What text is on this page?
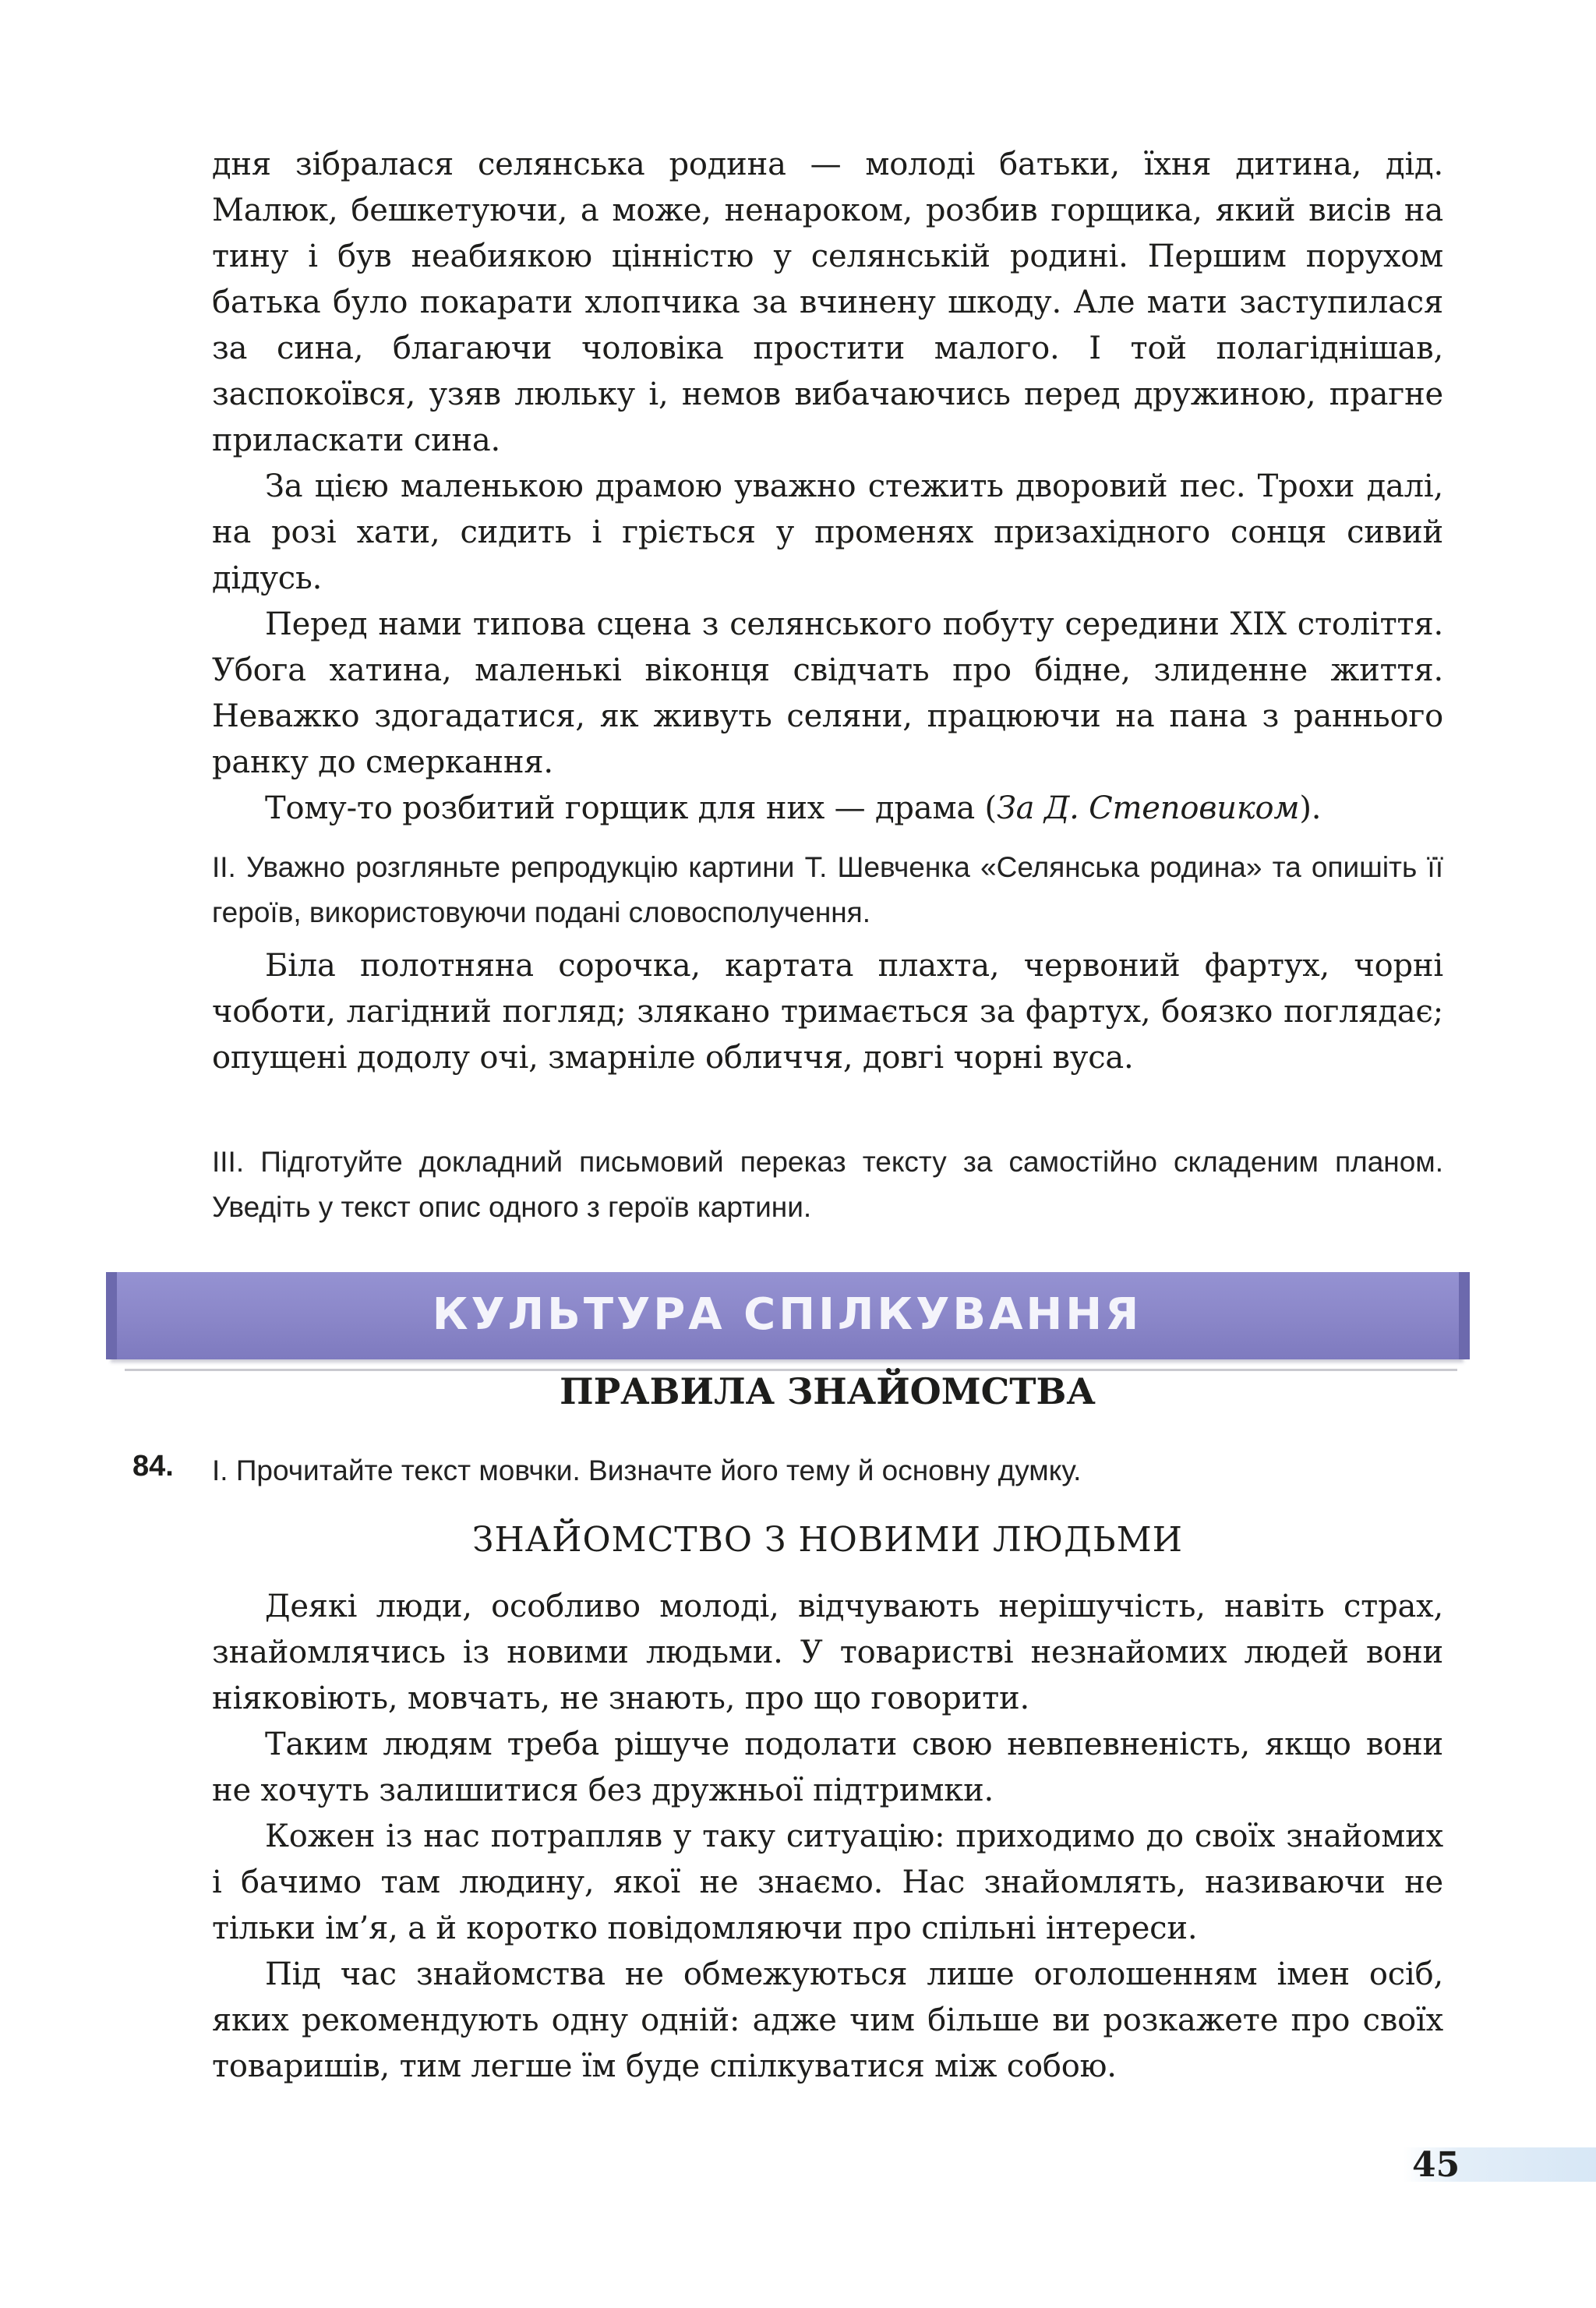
дня зібралася селянська родина — молоді батьки, їхня дитина, дід. Малюк, бешкетуючи, а може, ненароком, розбив горщика, який висів на тину і був неабиякою цінністю у селянській родині. Першим порухом батька було покарати хлопчика за вчинену шкоду. Але мати заступилася за сина, благаючи чоловіка простити малого. І той полагіднішав, заспокоївся, узяв люльку і, немов вибачаючись перед дружиною, прагне приласкати сина.

За цією маленькою драмою уважно стежить дворовий пес. Трохи далі, на розі хати, сидить і гріється у променях призахідного сонця сивий дідусь.

Перед нами типова сцена з селянського побуту середини XIX століття. Убога хатина, маленькі віконця свідчать про бідне, злиденне життя. Неважко здогадатися, як живуть селяни, працюючи на пана з раннього ранку до смеркання.

Тому-то розбитий горщик для них — драма (За Д. Степовиком).

II. Уважно розгляньте репродукцію картини Т. Шевченка «Селянська родина» та опишіть її героїв, використовуючи подані словосполучення.

Біла полотняна сорочка, картата плахта, червоний фартух, чорні чоботи, лагідний погляд; злякано тримається за фартух, боязко поглядає; опущені додолу очі, змарніле обличчя, довгі чорні вуса.

III. Підготуйте докладний письмовий переказ тексту за самостійно складеним планом. Уведіть у текст опис одного з героїв картини.

КУЛЬТУРА СПІЛКУВАННЯ
ПРАВИЛА ЗНАЙОМСТВА
84. I. Прочитайте текст мовчки. Визначте його тему й основну думку.

ЗНАЙОМСТВО З НОВИМИ ЛЮДЬМИ

Деякі люди, особливо молоді, відчувають нерішучість, навіть страх, знайомлячись із новими людьми. У товаристві незнайомих людей вони ніяковіють, мовчать, не знають, про що говорити.

Таким людям треба рішуче подолати свою невпевненість, якщо вони не хочуть залишитися без дружньої підтримки.

Кожен із нас потрапляв у таку ситуацію: приходимо до своїх знайомих і бачимо там людину, якої не знаємо. Нас знайомлять, називаючи не тільки ім’я, а й коротко повідомляючи про спільні інтереси.

Під час знайомства не обмежуються лише оголошенням імен осіб, яких рекомендують одну одній: адже чим більше ви розкажете про своїх товаришів, тим легше їм буде спілкуватися між собою.

45
